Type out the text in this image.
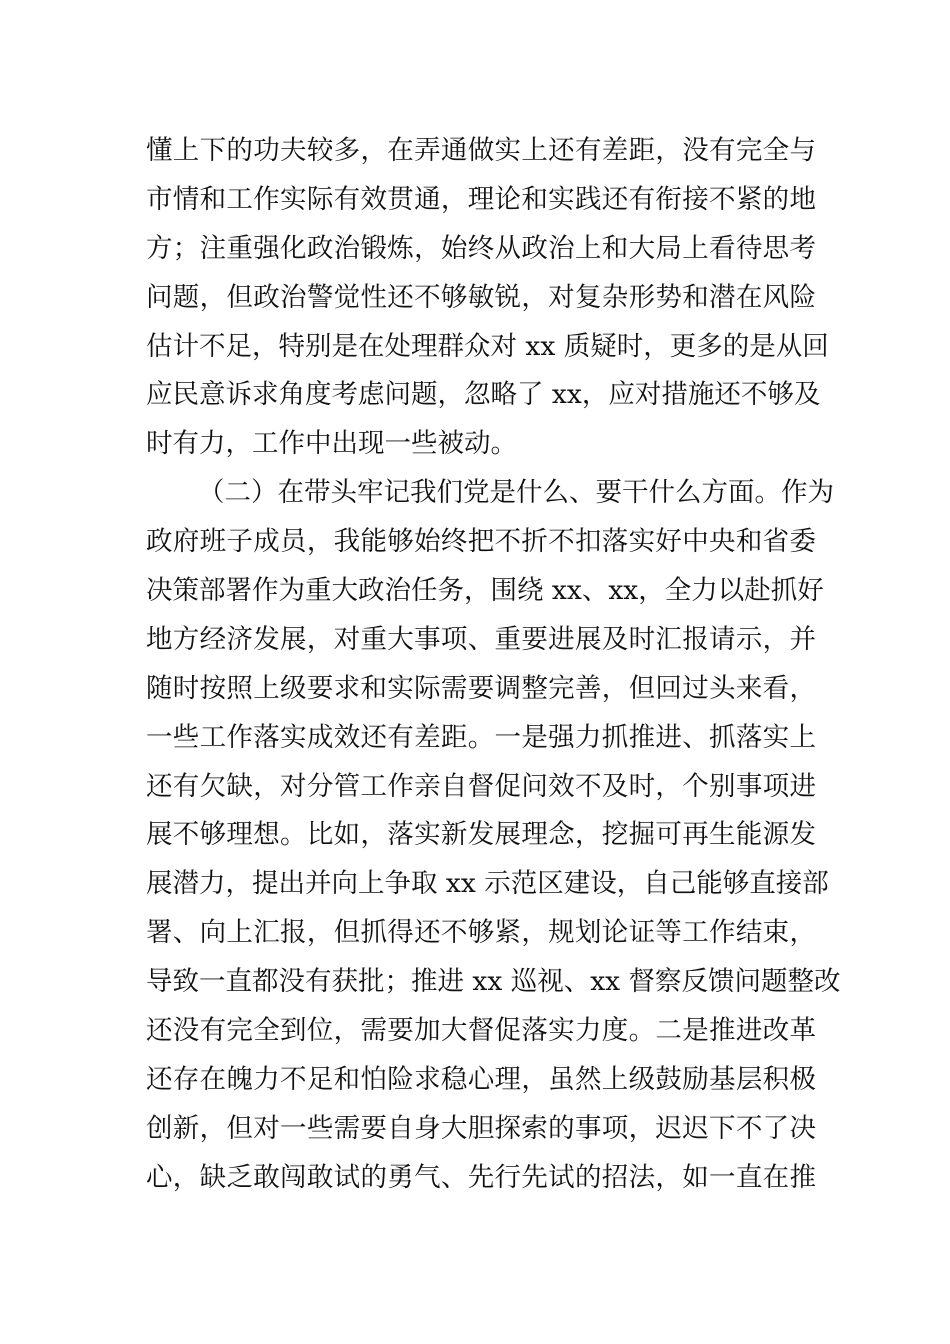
懂上下的功夫较多，在弄通做实上还有差距，没有完全与
市情和工作实际有效贯通，理论和实践还有衔接不紧的地
方；注重强化政治锻炼，始终从政治上和大局上看待思考
问题，但政治警觉性还不够敏锐，对复杂形势和潜在风险
估计不足，特别是在处理群众对 xx 质疑时，更多的是从回
应民意诉求角度考虑问题，忽略了 xx，应对措施还不够及
时有力，工作中出现一些被动。
（二）在带头牢记我们党是什么、要干什么方面。作为
政府班子成员，我能够始终把不折不扣落实好中央和省委
决策部署作为重大政治任务，围绕 xx、xx，全力以赴抓好
地方经济发展，对重大事项、重要进展及时汇报请示，并
随时按照上级要求和实际需要调整完善，但回过头来看，
一些工作落实成效还有差距。一是强力抓推进、抓落实上
还有欠缺，对分管工作亲自督促问效不及时，个别事项进
展不够理想。比如，落实新发展理念，挖掘可再生能源发
展潜力，提出并向上争取 xx 示范区建设，自己能够直接部
署、向上汇报，但抓得还不够紧，规划论证等工作结束，
导致一直都没有获批；推进 xx 巡视、xx 督察反馈问题整改
还没有完全到位，需要加大督促落实力度。二是推进改革
还存在魄力不足和怕险求稳心理，虽然上级鼓励基层积极
创新，但对一些需要自身大胆探索的事项，迟迟下不了决
心，缺乏敢闯敢试的勇气、先行先试的招法，如一直在推
